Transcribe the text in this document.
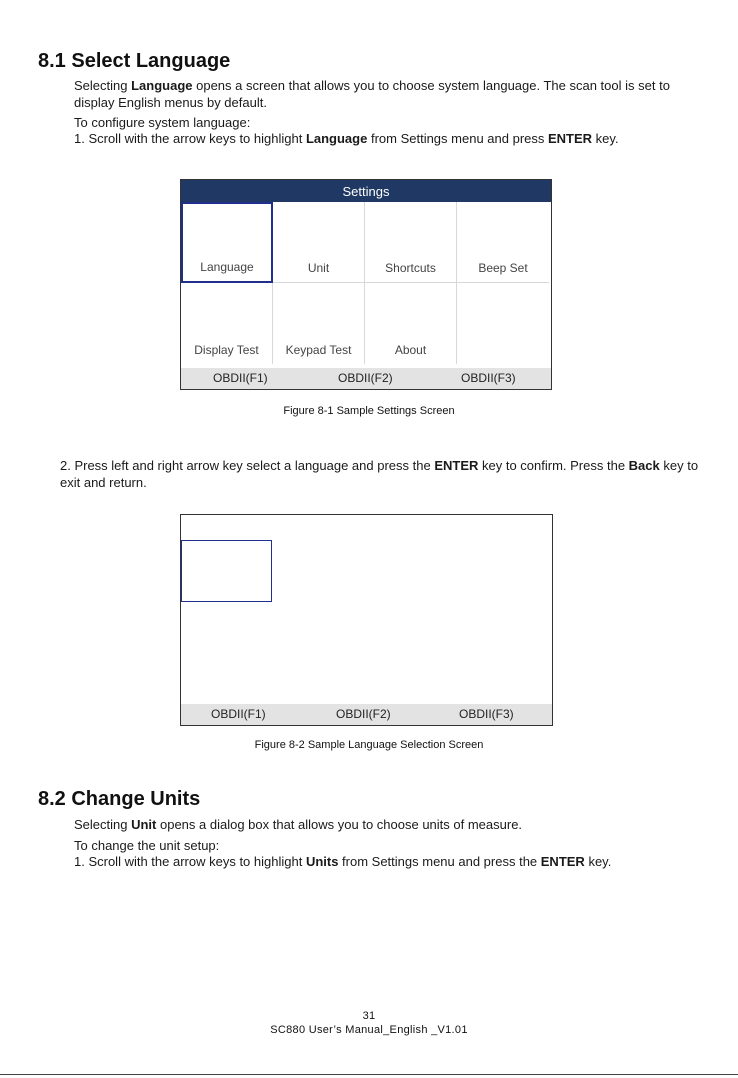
8.1 Select Language
Selecting Language opens a screen that allows you to choose system language. The scan tool is set to display English menus by default.
To configure system language:
1. Scroll with the arrow keys to highlight Language from Settings menu and press ENTER key.
Settings
Language	Unit	Shortcuts	Beep Set
Display Test	Keypad Test	About
OBDII(F1)	OBDII(F2)	OBDII(F3)
Figure 8-1 Sample Settings Screen
2. Press left and right arrow key select a language and press the ENTER key to confirm. Press the Back key to exit and return.
OBDII(F1)	OBDII(F2)	OBDII(F3)
Figure 8-2 Sample Language Selection Screen
8.2 Change Units
Selecting Unit opens a dialog box that allows you to choose units of measure.
To change the unit setup:
1. Scroll with the arrow keys to highlight Units from Settings menu and press the ENTER key.
31
SC880 User’s Manual_English _V1.01
